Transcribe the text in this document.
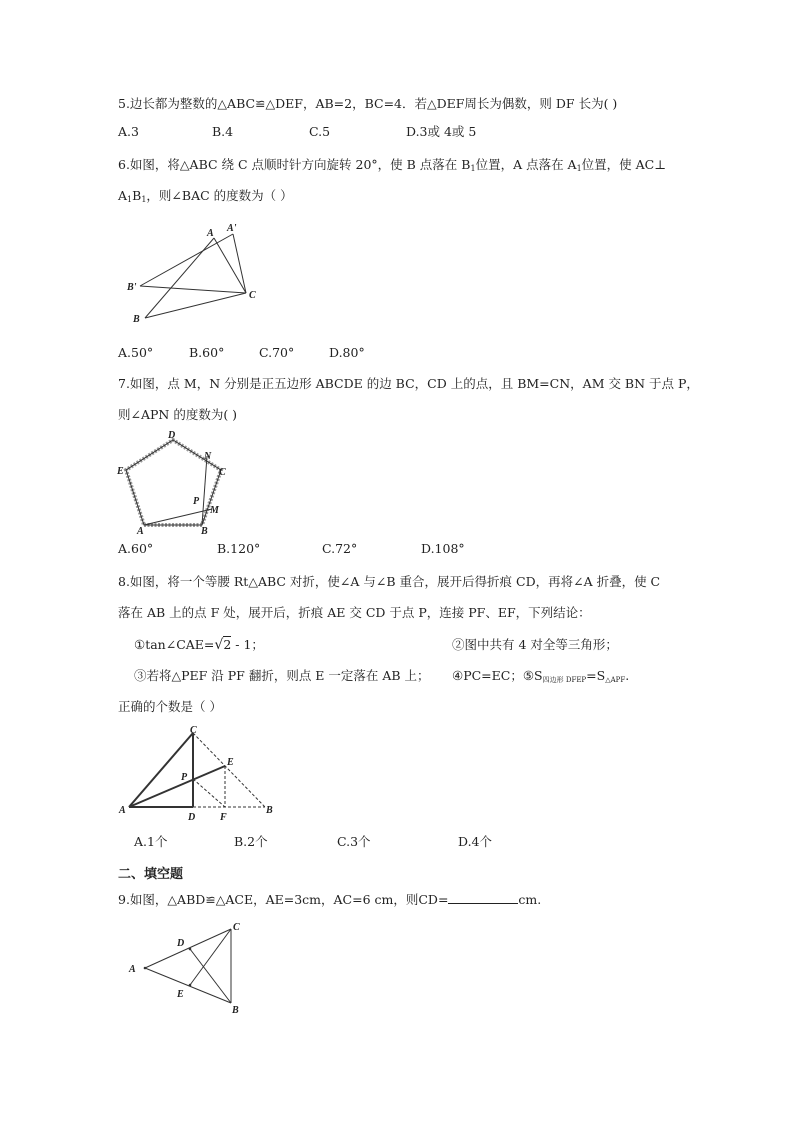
5.边长都为整数的△ABC≌△DEF，AB=2，BC=4．若△DEF周长为偶数，则 DF 长为( )
A.3	B.4	C.5	D.3或 4或 5
6.如图，将△ABC 绕 C 点顺时针方向旋转 20°，使 B 点落在 $B_1$位置，A 点落在 $A_1$位置，使 AC⊥
$A_1B_1$，则∠BAC 的度数为（ ）
A A'
B'
C
B
A.50°	B.60°	C.70°	D.80°
7.如图，点 M，N 分别是正五边形 ABCDE 的边 BC，CD 上的点，且 BM=CN，AM 交 BN 于点 P，
则∠APN 的度数为( )
D
E
N
C
P
M
A	B
A.60°	B.120°	C.72°	D.108°
8.如图，将一个等腰 Rt△ABC 对折，使∠A 与∠B 重合，展开后得折痕 CD，再将∠A 折叠，使 C
落在 AB 上的点 F 处，展开后，折痕 AE 交 CD 于点 P，连接 PF、EF，下列结论：
①tan∠CAE=√2 - 1；	②图中共有 4 对全等三角形；
③若将△PEF 沿 PF 翻折，则点 E 一定落在 AB 上； ④PC=EC；⑤S四边形 DFEP=S△APF.
正确的个数是（ ）
C
E
P
A
D F
B
A.1个	B.2个	C.3个	D.4个
二、填空题
9.如图，△ABD≌△ACE，AE=3cm，AC=6 cm，则CD=	cm.
C
D
A
E
B
